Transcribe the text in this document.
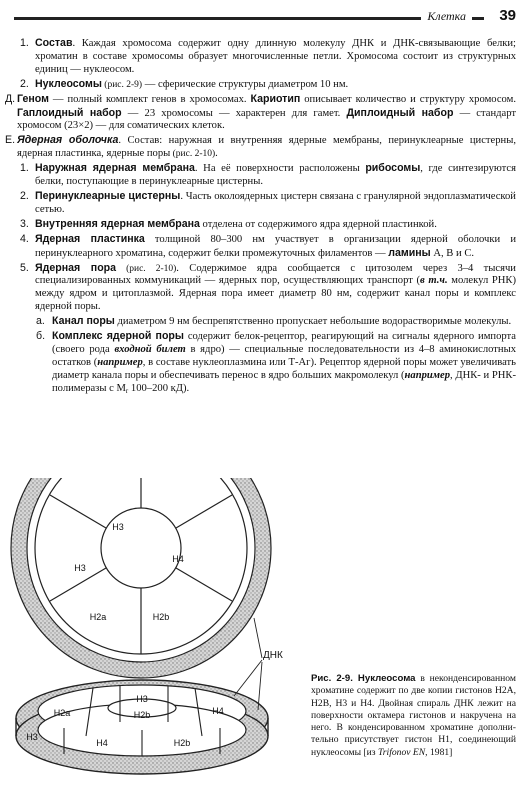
Клетка	39
1. Состав. Каждая хромосома содержит одну длинную молекулу ДНК и ДНК-связывающие белки; хроматин в составе хромосомы образует многочисленные петли. Хромосома состоит из структурных единиц — нуклеосом.
2. Нуклеосомы (рис. 2-9) — сферические структуры диаметром 10 нм.
Д. Геном — полный комплект генов в хромосомах. Кариотип описывает количество и структуру хромосом. Гаплоидный набор — 23 хромосомы — характерен для гамет. Диплоидный набор — стандарт хромосом (23×2) — для соматических клеток.
Е. Ядерная оболочка. Состав: наружная и внутренняя ядерные мембраны, перинуклеарные цистерны, ядерная пластинка, ядерные поры (рис. 2-10).
1. Наружная ядерная мембрана. На её поверхности расположены рибосомы, где синтезируются белки, поступающие в перинуклеарные цистерны.
2. Перинуклеарные цистерны. Часть околоядерных цистерн связана с гранулярной эндоплазматической сетью.
3. Внутренняя ядерная мембрана отделена от содержимого ядра ядерной пластинкой.
4. Ядерная пластинка толщиной 80–300 нм участвует в организации ядерной оболочки и перинуклеарного хроматина, содержит белки промежуточных филаментов — ламины А, В и С.
5. Ядерная пора (рис. 2-10). Содержимое ядра сообщается с цитозолем через 3–4 тысячи специализированных коммуникаций — ядерных пор, осуществляющих транспорт (в т.ч. молекул РНК) между ядром и цитоплазмой. Ядерная пора имеет диаметр 80 нм, содержит канал поры и комплекс ядерной поры.
а. Канал поры диаметром 9 нм беспрепятственно пропускает небольшие водорастворимые молекулы.
б. Комплекс ядерной поры содержит белок-рецептор, реагирующий на сигналы ядерного импорта (своего рода входной билет в ядро) — специальные последовательности из 4–8 аминокислотных остатков (например, в составе нуклеоплазмина или Т-Аг). Рецептор ядерной поры может увеличивать диаметр канала поры и обеспечивать перенос в ядро больших макромолекул (например, ДНК- и РНК-полимеразы с $М_r$ 100–200 кД).
H3
H4
H3
H2a	H2b
H2a
H3
H2b	H4
H3
H4	H2b
ДНК
Рис. 2-9. Нуклеосома в неконденсированном хроматине содержит по две копии гистонов H2A, H2B, H3 и H4. Двойная спираль ДНК лежит на поверхности октамера гистонов и накручена на него. В конденсированном хроматине дополнительно присутствует гистон H1, соединеющий нуклеосомы [из Trifonov EN, 1981]
